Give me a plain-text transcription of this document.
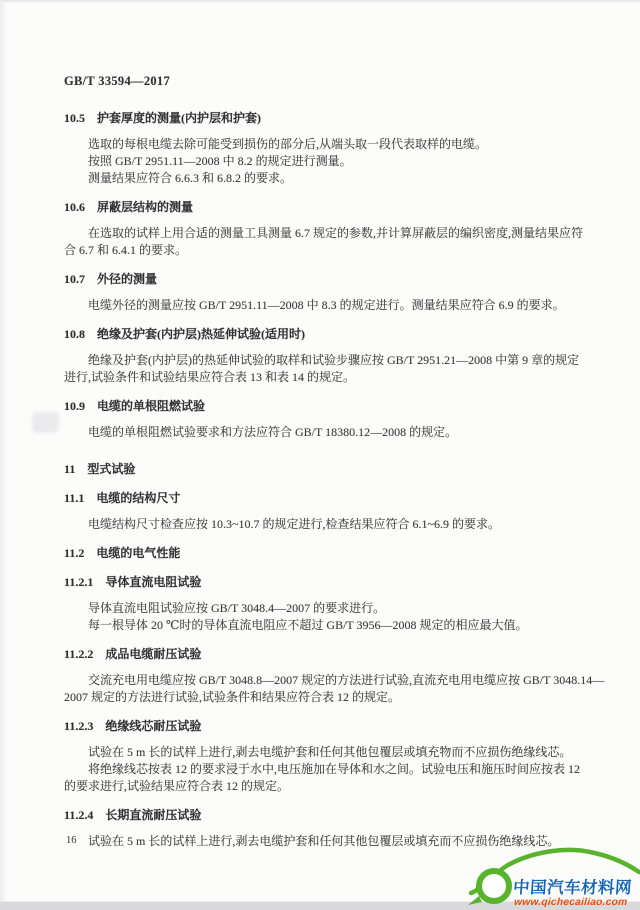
GB/T 33594—2017
10.5 护套厚度的测量(内护层和护套)
选取的每根电缆去除可能受到损伤的部分后,从端头取一段代表取样的电缆。
按照 GB/T 2951.11—2008 中 8.2 的规定进行测量。
测量结果应符合 6.6.3 和 6.8.2 的要求。
10.6 屏蔽层结构的测量
在选取的试样上用合适的测量工具测量 6.7 规定的参数,并计算屏蔽层的编织密度,测量结果应符
合 6.7 和 6.4.1 的要求。
10.7 外径的测量
电缆外径的测量应按 GB/T 2951.11—2008 中 8.3 的规定进行。测量结果应符合 6.9 的要求。
10.8 绝缘及护套(内护层)热延伸试验(适用时)
绝缘及护套(内护层)的热延伸试验的取样和试验步骤应按 GB/T 2951.21—2008 中第 9 章的规定
进行,试验条件和试验结果应符合表 13 和表 14 的规定。
10.9 电缆的单根阻燃试验
电缆的单根阻燃试验要求和方法应符合 GB/T 18380.12—2008 的规定。
11 型式试验
11.1 电缆的结构尺寸
电缆结构尺寸检查应按 10.3~10.7 的规定进行,检查结果应符合 6.1~6.9 的要求。
11.2 电缆的电气性能
11.2.1 导体直流电阻试验
导体直流电阻试验应按 GB/T 3048.4—2007 的要求进行。
每一根导体 20 ℃时的导体直流电阻应不超过 GB/T 3956—2008 规定的相应最大值。
11.2.2 成品电缆耐压试验
交流充电用电缆应按 GB/T 3048.8—2007 规定的方法进行试验,直流充电用电缆应按 GB/T 3048.14—
2007 规定的方法进行试验,试验条件和结果应符合表 12 的规定。
11.2.3 绝缘线芯耐压试验
试验在 5 m 长的试样上进行,剥去电缆护套和任何其他包覆层或填充物而不应损伤绝缘线芯。
将绝缘线芯按表 12 的要求浸于水中,电压施加在导体和水之间。试验电压和施压时间应按表 12
的要求进行,试验结果应符合表 12 的规定。
11.2.4 长期直流耐压试验
试验在 5 m 长的试样上进行,剥去电缆护套和任何其他包覆层或填充而不应损伤绝缘线芯。
16
中国汽车材料网
www.qichecailiao.com
